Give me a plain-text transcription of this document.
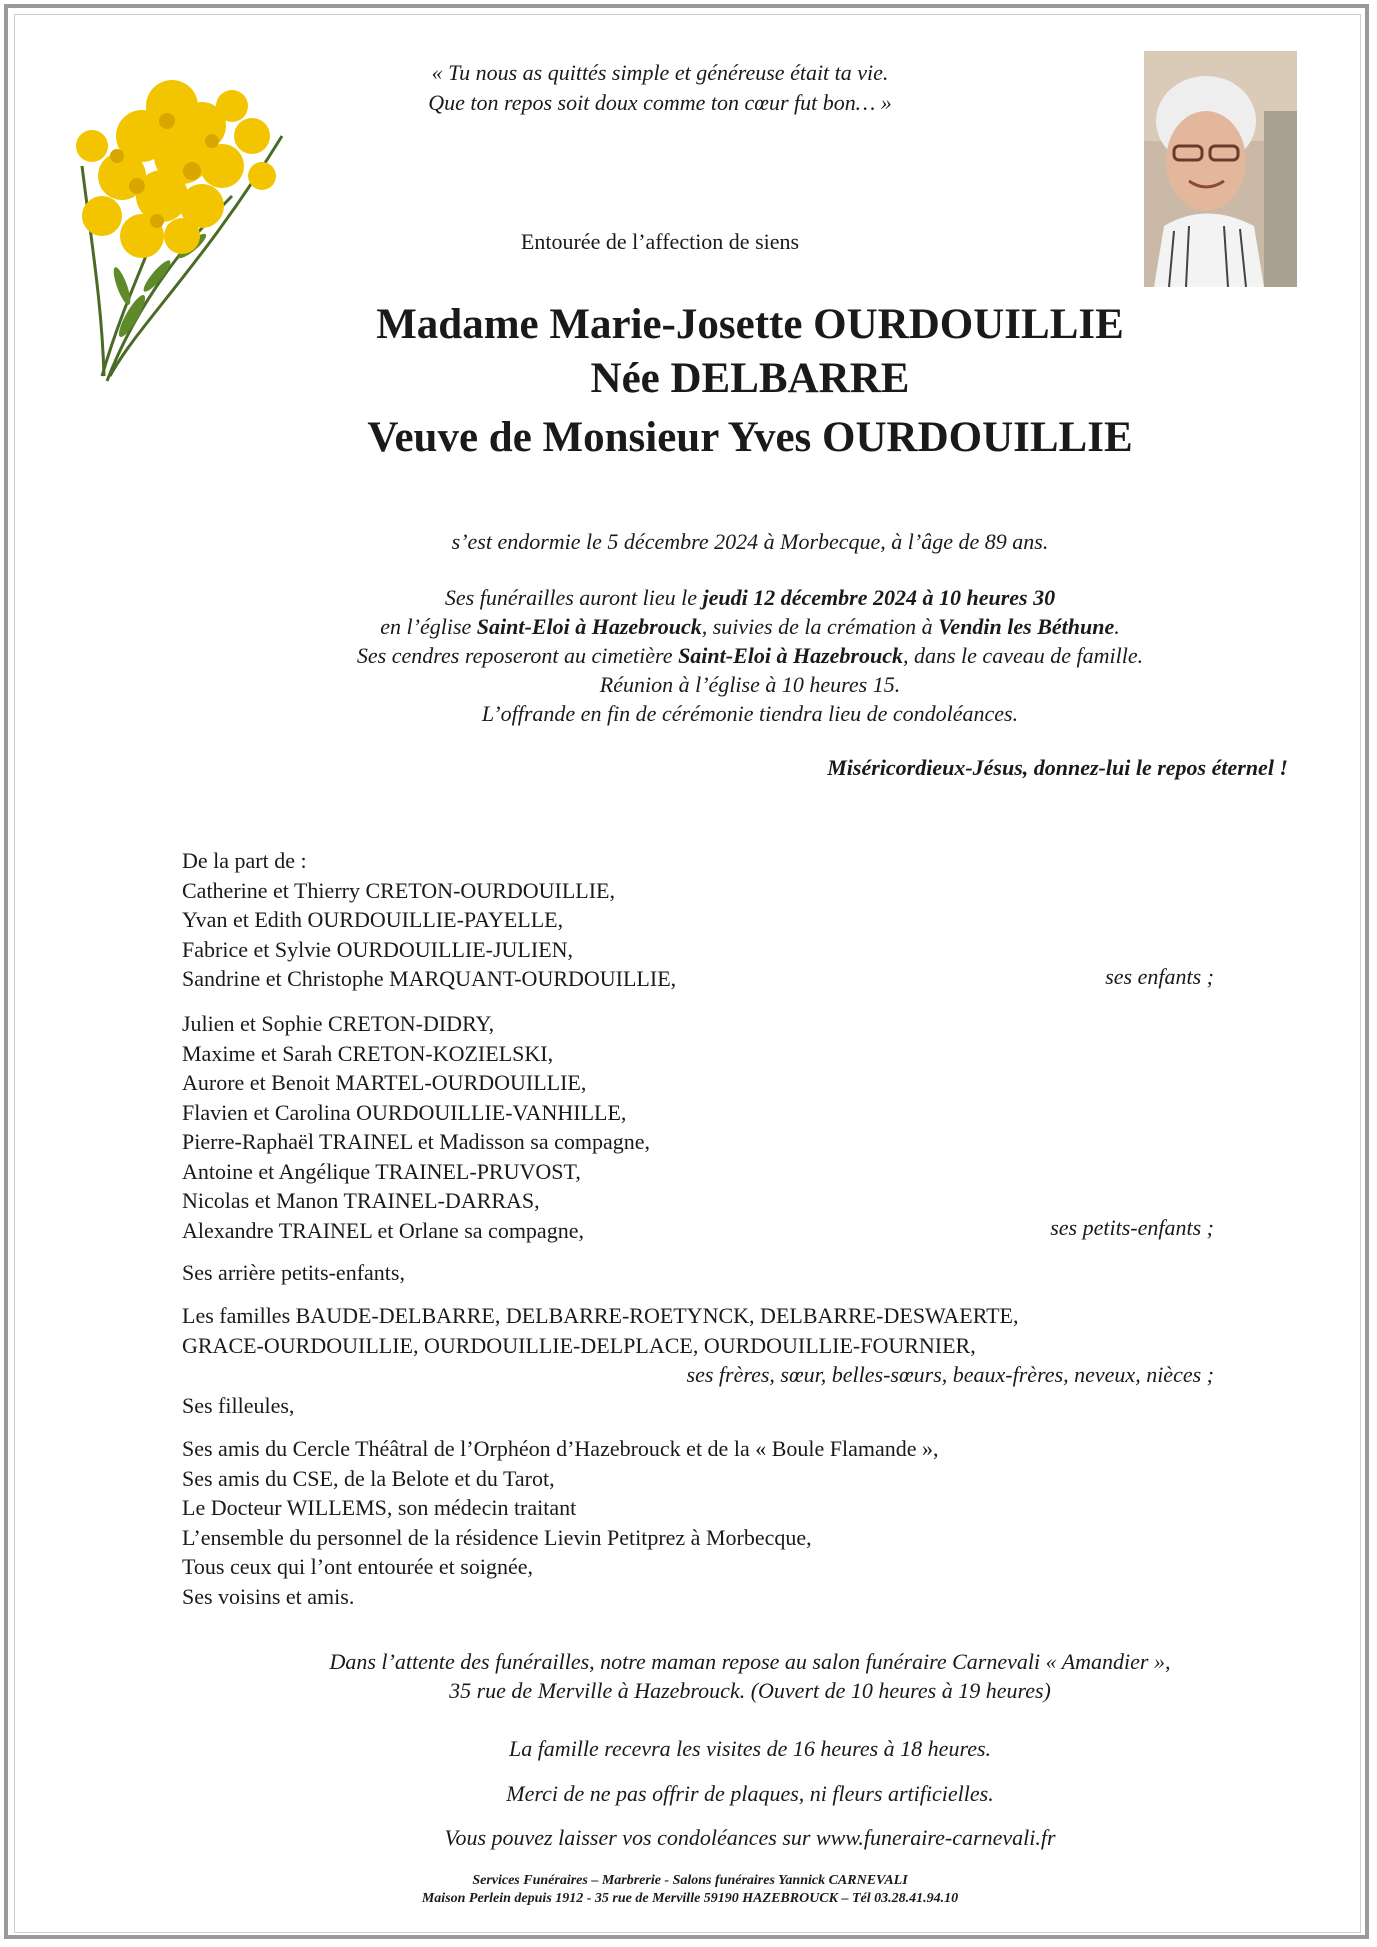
« Tu nous as quittés simple et généreuse était ta vie.
Que ton repos soit doux comme ton cœur fut bon… »
Entourée de l’affection de siens
Madame Marie-Josette OURDOUILLIE
Née DELBARRE
Veuve de Monsieur Yves OURDOUILLIE
s’est endormie le 5 décembre 2024 à Morbecque, à l’âge de 89 ans.
Ses funérailles auront lieu le jeudi 12 décembre 2024 à 10 heures 30
en l’église Saint-Eloi à Hazebrouck, suivies de la crémation à Vendin les Béthune.
Ses cendres reposeront au cimetière Saint-Eloi à Hazebrouck, dans le caveau de famille.
Réunion à l’église à 10 heures 15.
L’offrande en fin de cérémonie tiendra lieu de condoléances.
Miséricordieux-Jésus, donnez-lui le repos éternel !
De la part de :
Catherine et Thierry CRETON-OURDOUILLIE,
Yvan et Edith OURDOUILLIE-PAYELLE,
Fabrice et Sylvie OURDOUILLIE-JULIEN,
Sandrine et Christophe MARQUANT-OURDOUILLIE,	ses enfants ;
Julien et Sophie CRETON-DIDRY,
Maxime et Sarah CRETON-KOZIELSKI,
Aurore et Benoit MARTEL-OURDOUILLIE,
Flavien et Carolina OURDOUILLIE-VANHILLE,
Pierre-Raphaël TRAINEL et Madisson sa compagne,
Antoine et Angélique TRAINEL-PRUVOST,
Nicolas et Manon TRAINEL-DARRAS,
Alexandre TRAINEL et Orlane sa compagne,	ses petits-enfants ;
Ses arrière petits-enfants,
Les familles BAUDE-DELBARRE, DELBARRE-ROETYNCK, DELBARRE-DESWAERTE,
GRACE-OURDOUILLIE, OURDOUILLIE-DELPLACE, OURDOUILLIE-FOURNIER,
ses frères, sœur, belles-sœurs, beaux-frères, neveux, nièces ;
Ses filleules,
Ses amis du Cercle Théâtral de l’Orphéon d’Hazebrouck et de la « Boule Flamande »,
Ses amis du CSE, de la Belote et du Tarot,
Le Docteur WILLEMS, son médecin traitant
L’ensemble du personnel de la résidence Lievin Petitprez à Morbecque,
Tous ceux qui l’ont entourée et soignée,
Ses voisins et amis.
Dans l’attente des funérailles, notre maman repose au salon funéraire Carnevali « Amandier »,
35 rue de Merville à Hazebrouck. (Ouvert de 10 heures à 19 heures)
La famille recevra les visites de 16 heures à 18 heures.
Merci de ne pas offrir de plaques, ni fleurs artificielles.
Vous pouvez laisser vos condoléances sur www.funeraire-carnevali.fr
Services Funéraires – Marbrerie - Salons funéraires Yannick CARNEVALI
Maison Perlein depuis 1912 - 35 rue de Merville 59190 HAZEBROUCK – Tél 03.28.41.94.10
